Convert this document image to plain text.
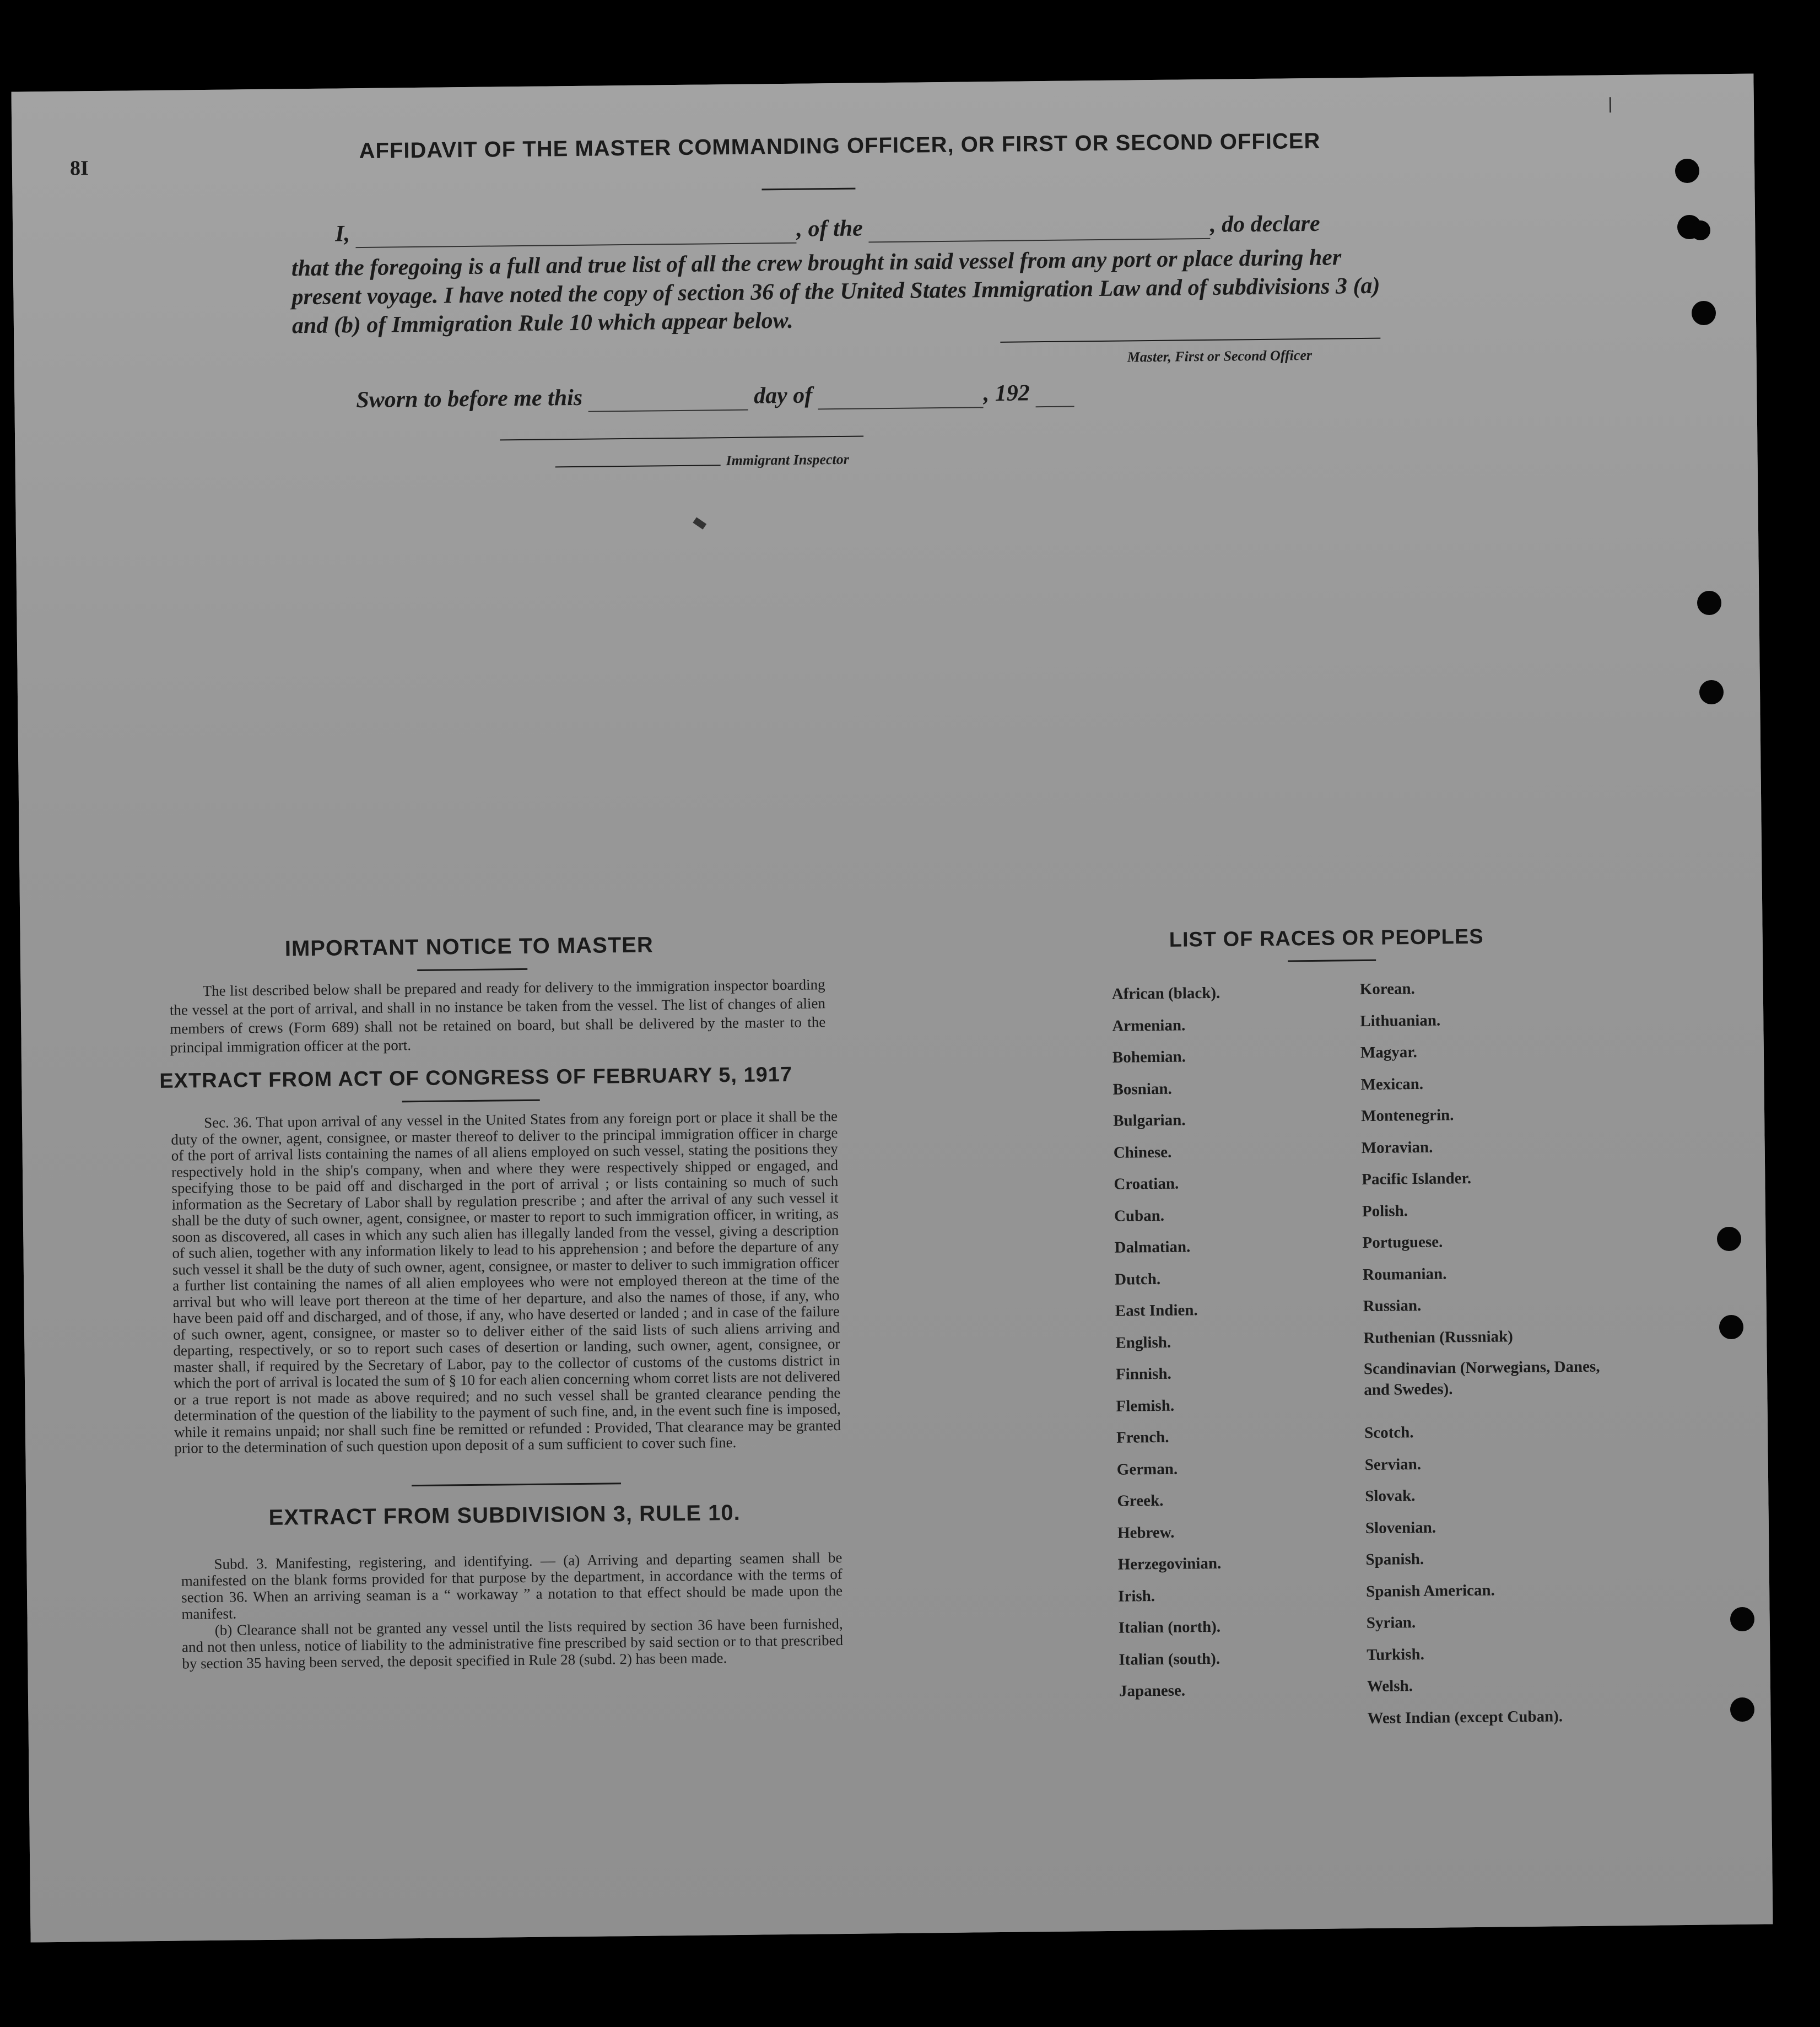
8I
AFFIDAVIT OF THE MASTER COMMANDING OFFICER, OR FIRST OR SECOND OFFICER
I,	, of the	, do declare
that the foregoing is a full and true list of all the crew brought in said vessel from any port or place during her present voyage. I have noted the copy of section 36 of the United States Immigration Law and of subdivisions 3 (a) and (b) of Immigration Rule 10 which appear below.
Master, First or Second Officer
Sworn to before me this	day of	, 192
Immigrant Inspector
IMPORTANT NOTICE TO MASTER
The list described below shall be prepared and ready for delivery to the immigration inspector boarding the vessel at the port of arrival, and shall in no instance be taken from the vessel. The list of changes of alien members of crews (Form 689) shall not be retained on board, but shall be delivered by the master to the principal immigration officer at the port.
EXTRACT FROM ACT OF CONGRESS OF FEBRUARY 5, 1917
Sec. 36. That upon arrival of any vessel in the United States from any foreign port or place it shall be the duty of the owner, agent, consignee, or master thereof to deliver to the principal immigration officer in charge of the port of arrival lists containing the names of all aliens employed on such vessel, stating the positions they respectively hold in the ship's company, when and where they were respectively shipped or engaged, and specifying those to be paid off and discharged in the port of arrival ; or lists containing so much of such information as the Secretary of Labor shall by regulation prescribe ; and after the arrival of any such vessel it shall be the duty of such owner, agent, consignee, or master to report to such immigration officer, in writing, as soon as discovered, all cases in which any such alien has illegally landed from the vessel, giving a description of such alien, together with any information likely to lead to his apprehension ; and before the departure of any such vessel it shall be the duty of such owner, agent, consignee, or master to deliver to such immigration officer a further list containing the names of all alien employees who were not employed thereon at the time of the arrival but who will leave port thereon at the time of her departure, and also the names of those, if any, who have been paid off and discharged, and of those, if any, who have deserted or landed ; and in case of the failure of such owner, agent, consignee, or master so to deliver either of the said lists of such aliens arriving and departing, respectively, or so to report such cases of desertion or landing, such owner, agent, consignee, or master shall, if required by the Secretary of Labor, pay to the collector of customs of the customs district in which the port of arrival is located the sum of § 10 for each alien concerning whom corret lists are not delivered or a true report is not made as above required; and no such vessel shall be granted clearance pending the determination of the question of the liability to the payment of such fine, and, in the event such fine is imposed, while it remains unpaid; nor shall such fine be remitted or refunded : Provided, That clearance may be granted prior to the determination of such question upon deposit of a sum sufficient to cover such fine.
EXTRACT FROM SUBDIVISION 3, RULE 10.
Subd. 3. Manifesting, registering, and identifying. — (a) Arriving and departing seamen shall be manifested on the blank forms provided for that purpose by the department, in accordance with the terms of section 36. When an arriving seaman is a “ workaway ” a notation to that effect should be made upon the manifest.
(b) Clearance shall not be granted any vessel until the lists required by section 36 have been furnished, and not then unless, notice of liability to the administrative fine prescribed by said section or to that prescribed by section 35 having been served, the deposit specified in Rule 28 (subd. 2) has been made.
LIST OF RACES OR PEOPLES
African (black).
Armenian.
Bohemian.
Bosnian.
Bulgarian.
Chinese.
Croatian.
Cuban.
Dalmatian.
Dutch.
East Indien.
English.
Finnish.
Flemish.
French.
German.
Greek.
Hebrew.
Herzegovinian.
Irish.
Italian (north).
Italian (south).
Japanese.
Korean.
Lithuanian.
Magyar.
Mexican.
Montenegrin.
Moravian.
Pacific Islander.
Polish.
Portuguese.
Roumanian.
Russian.
Ruthenian (Russniak)
Scandinavian (Norwegians, Danes, and Swedes).
Scotch.
Servian.
Slovak.
Slovenian.
Spanish.
Spanish American.
Syrian.
Turkish.
Welsh.
West Indian (except Cuban).
